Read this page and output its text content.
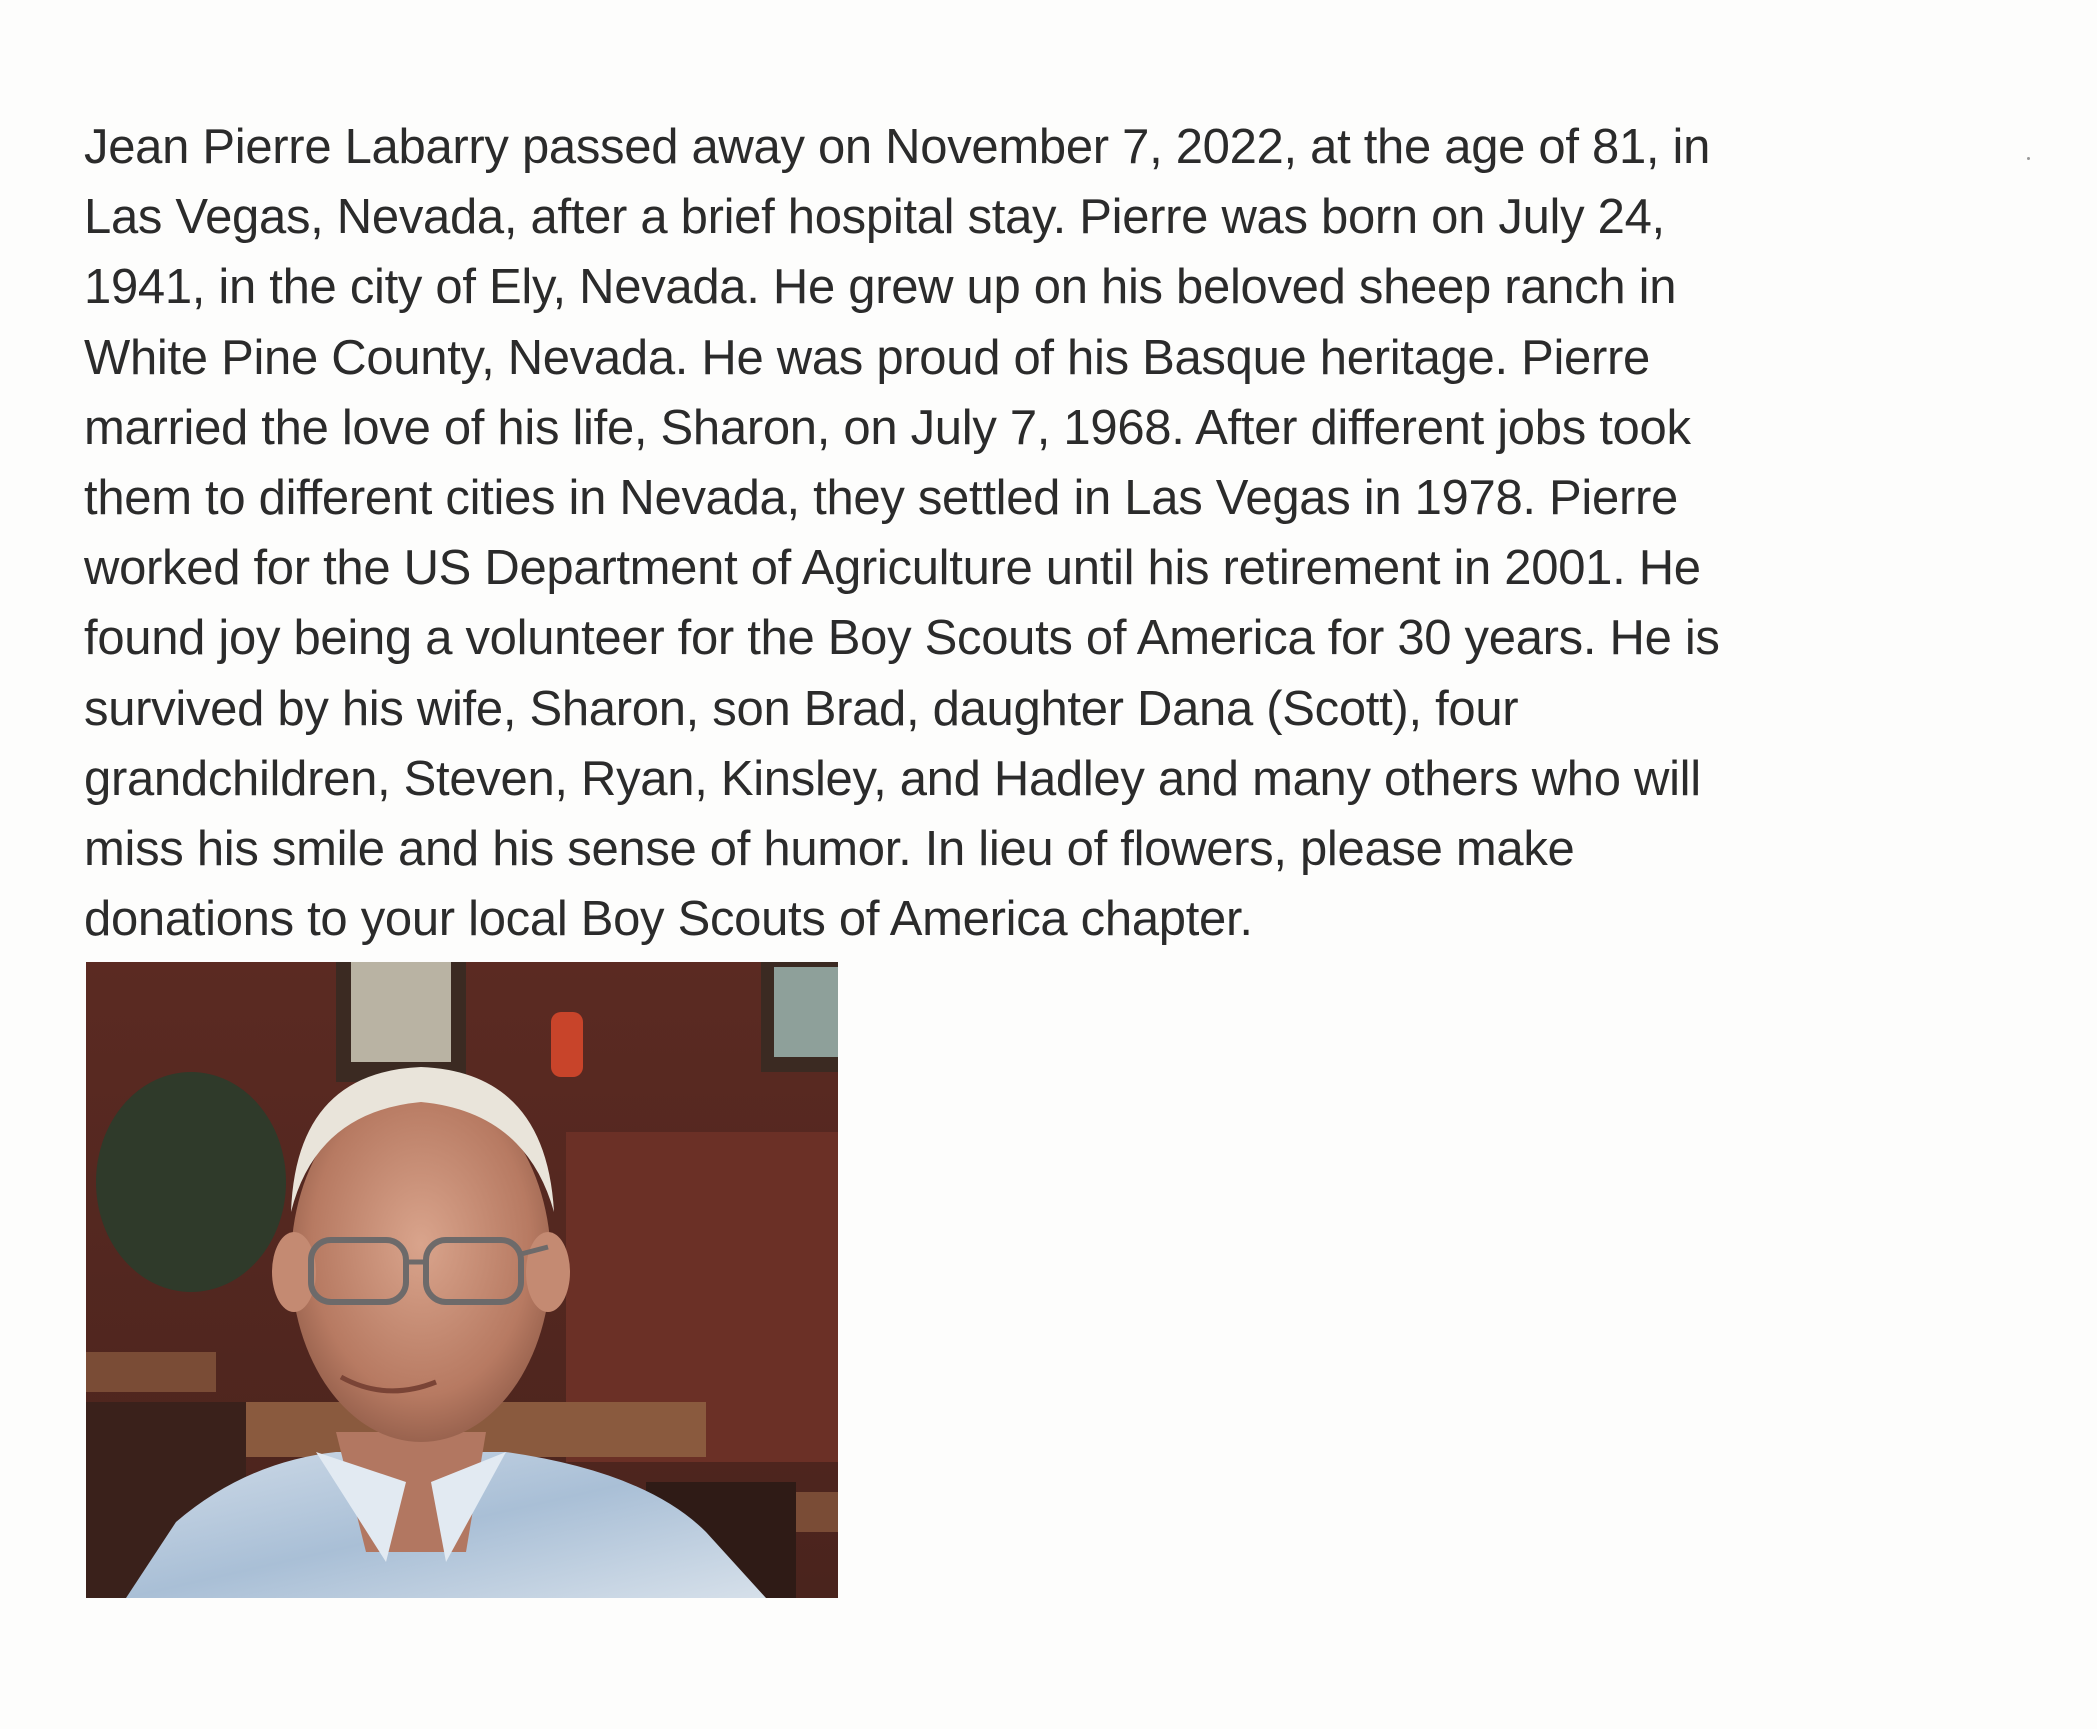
Jean Pierre Labarry passed away on November 7, 2022, at the age of 81, in
Las Vegas, Nevada, after a brief hospital stay. Pierre was born on July 24,
1941, in the city of Ely, Nevada. He grew up on his beloved sheep ranch in
White Pine County, Nevada. He was proud of his Basque heritage. Pierre
married the love of his life, Sharon, on July 7, 1968. After different jobs took
them to different cities in Nevada, they settled in Las Vegas in 1978. Pierre
worked for the US Department of Agriculture until his retirement in 2001. He
found joy being a volunteer for the Boy Scouts of America for 30 years. He is
survived by his wife, Sharon, son Brad, daughter Dana (Scott), four
grandchildren, Steven, Ryan, Kinsley, and Hadley and many others who will
miss his smile and his sense of humor. In lieu of flowers, please make
donations to your local Boy Scouts of America chapter.
